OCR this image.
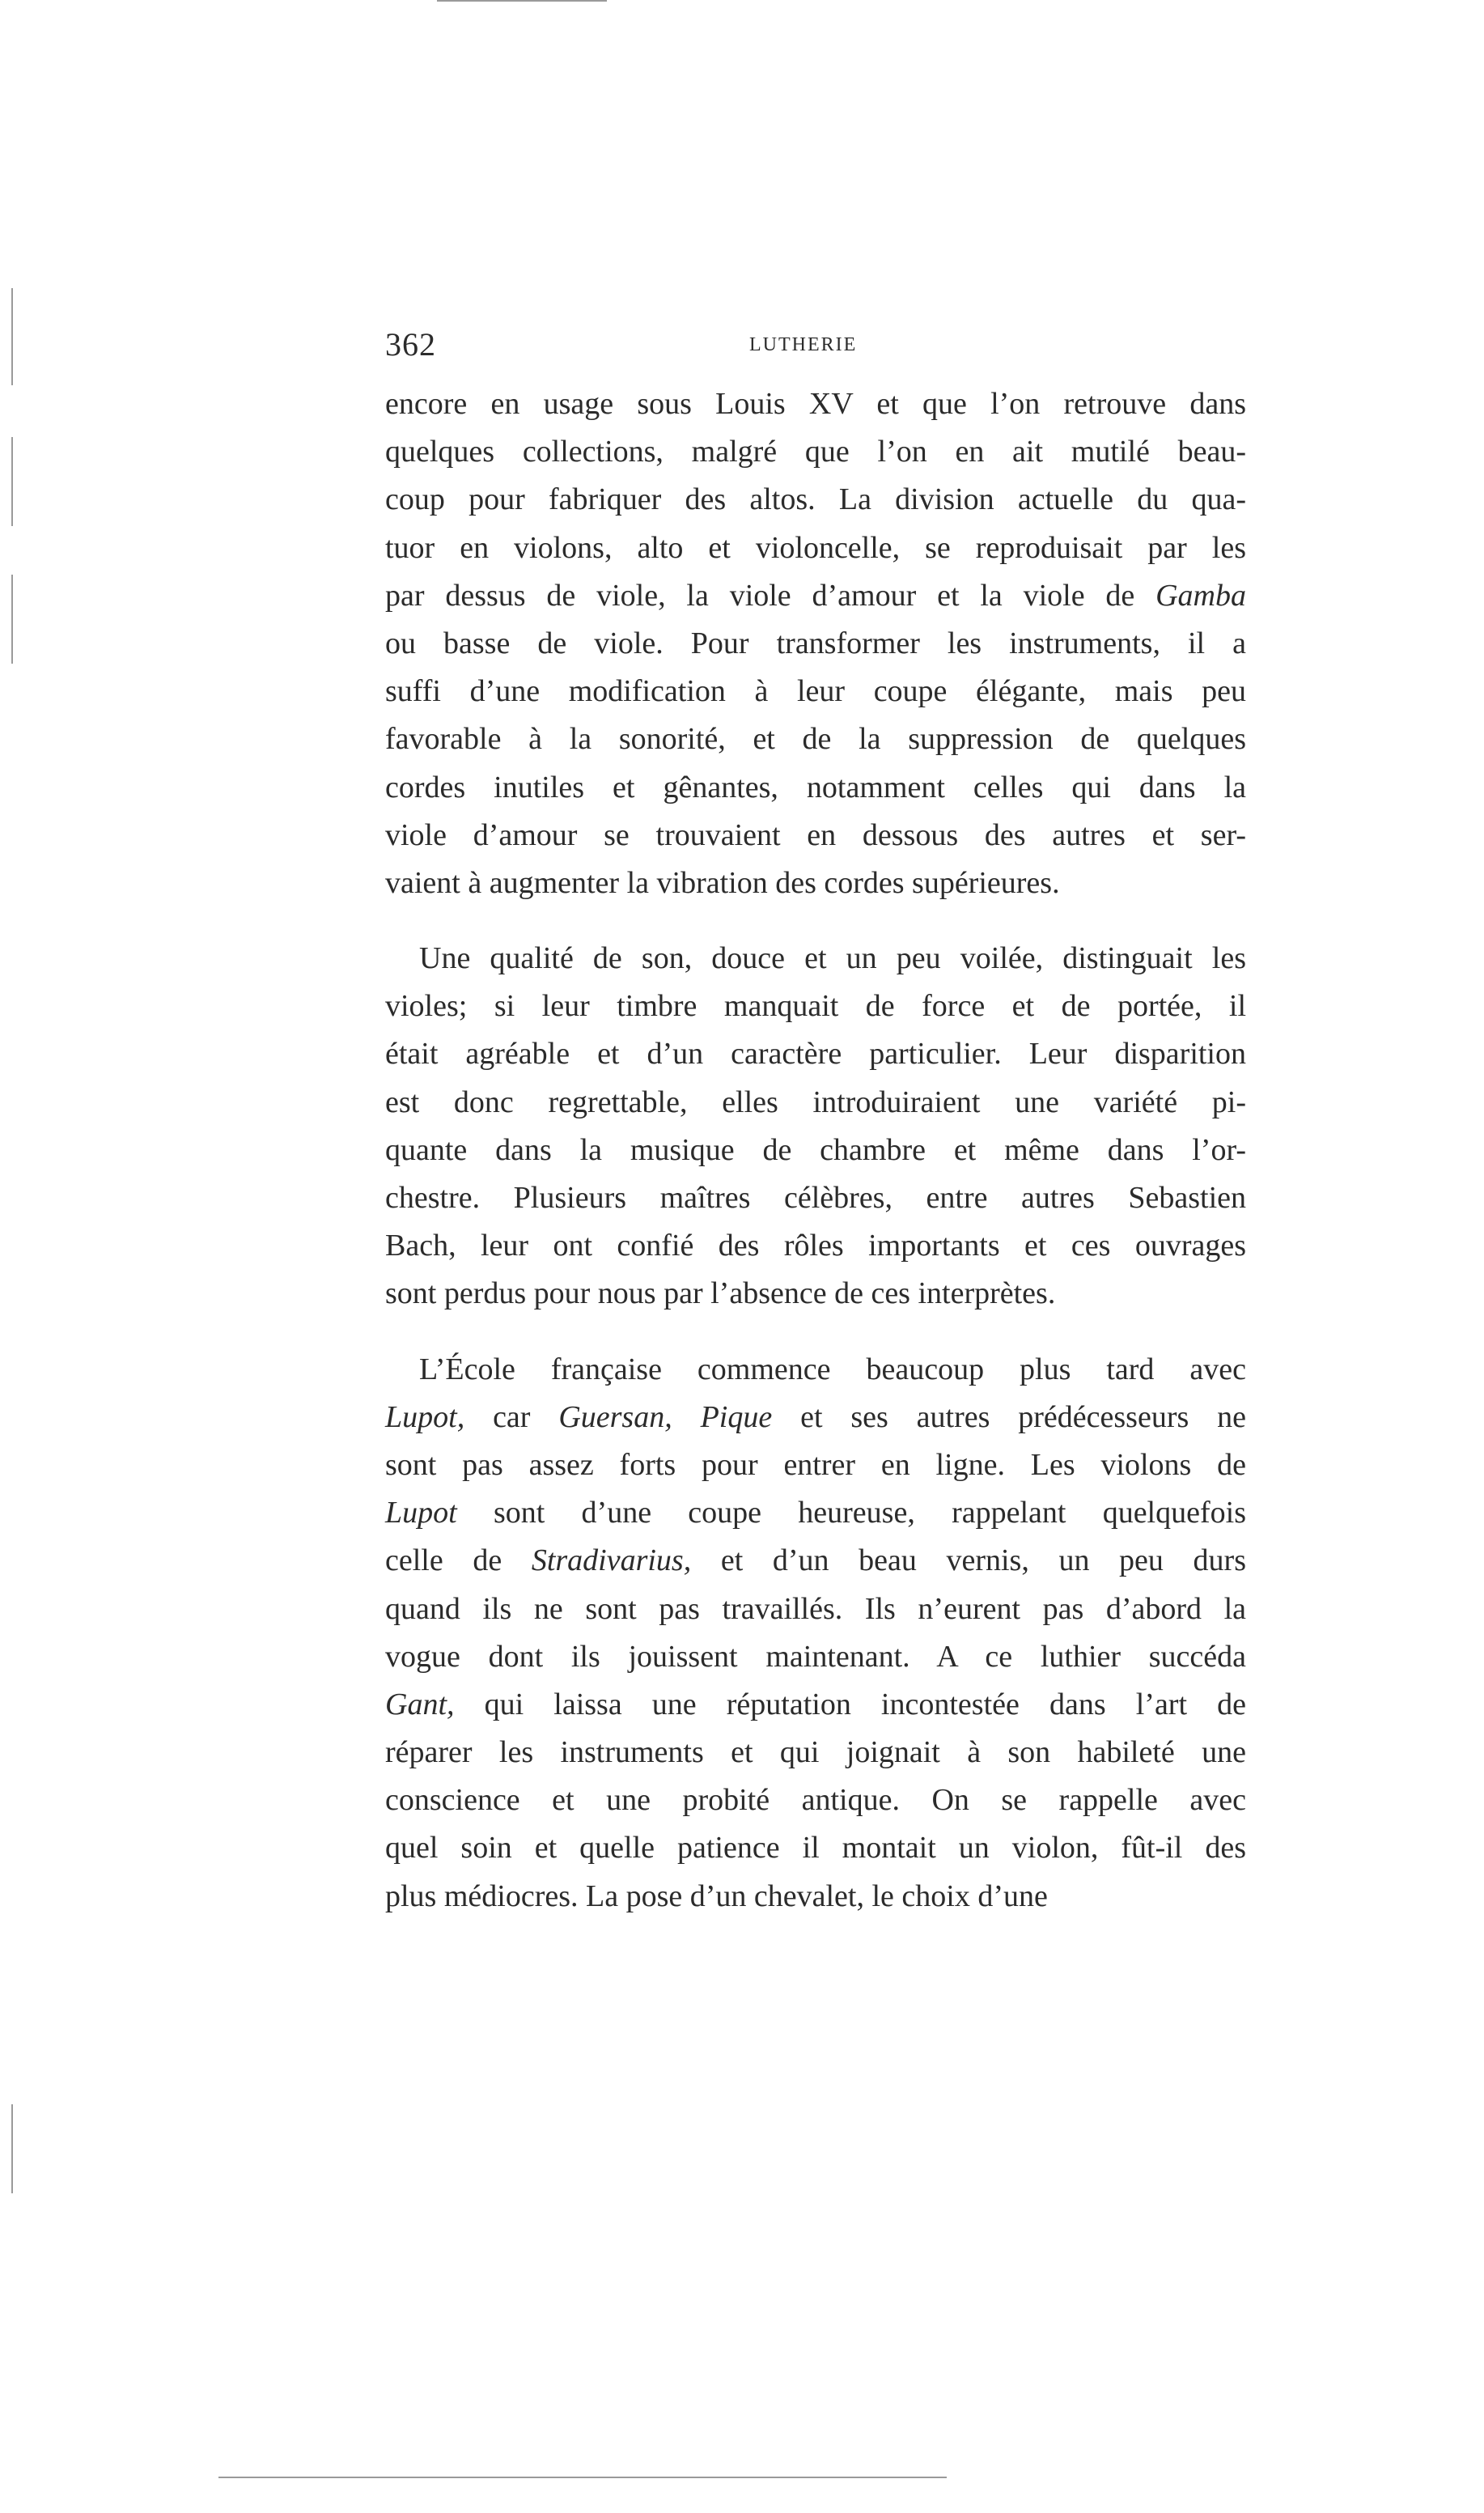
362	LUTHERIE
encore en usage sous Louis XV et que l’on retrouve dans
quelques collections, malgré que l’on en ait mutilé beau-
coup pour fabriquer des altos. La division actuelle du qua-
tuor en violons, alto et violoncelle, se reproduisait par les
par dessus de viole, la viole d’amour et la viole de Gamba
ou basse de viole. Pour transformer les instruments, il a
suffi d’une modification à leur coupe élégante, mais peu
favorable à la sonorité, et de la suppression de quelques
cordes inutiles et gênantes, notamment celles qui dans la
viole d’amour se trouvaient en dessous des autres et ser-
vaient à augmenter la vibration des cordes supérieures.
Une qualité de son, douce et un peu voilée, distinguait les
violes; si leur timbre manquait de force et de portée, il
était agréable et d’un caractère particulier. Leur disparition
est donc regrettable, elles introduiraient une variété pi-
quante dans la musique de chambre et même dans l’or-
chestre. Plusieurs maîtres célèbres, entre autres Sebastien
Bach, leur ont confié des rôles importants et ces ouvrages
sont perdus pour nous par l’absence de ces interprètes.
L’École française commence beaucoup plus tard avec
Lupot, car Guersan, Pique et ses autres prédécesseurs ne
sont pas assez forts pour entrer en ligne. Les violons de
Lupot sont d’une coupe heureuse, rappelant quelquefois
celle de Stradivarius, et d’un beau vernis, un peu durs
quand ils ne sont pas travaillés. Ils n’eurent pas d’abord la
vogue dont ils jouissent maintenant. A ce luthier succéda
Gant, qui laissa une réputation incontestée dans l’art de
réparer les instruments et qui joignait à son habileté une
conscience et une probité antique. On se rappelle avec
quel soin et quelle patience il montait un violon, fût-il des
plus médiocres. La pose d’un chevalet, le choix d’une
